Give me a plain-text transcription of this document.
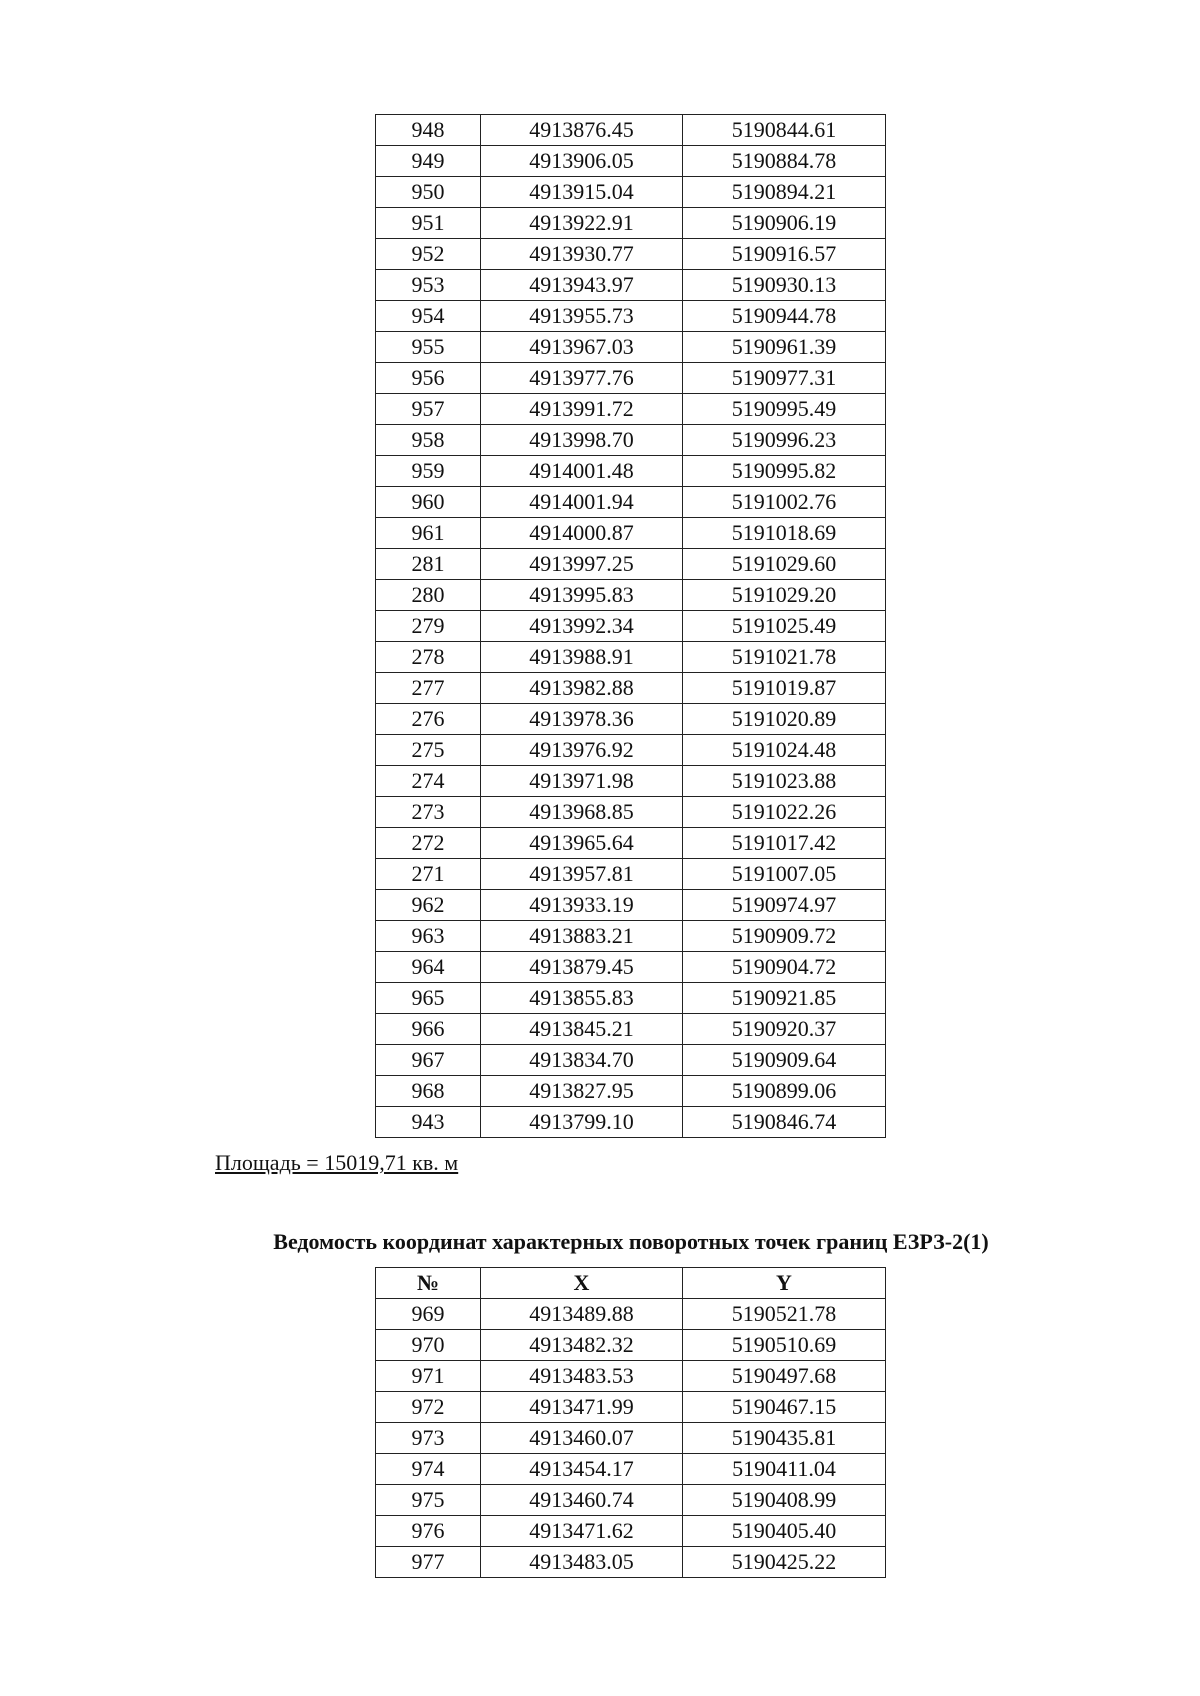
948	4913876.45	5190844.61
949	4913906.05	5190884.78
950	4913915.04	5190894.21
951	4913922.91	5190906.19
952	4913930.77	5190916.57
953	4913943.97	5190930.13
954	4913955.73	5190944.78
955	4913967.03	5190961.39
956	4913977.76	5190977.31
957	4913991.72	5190995.49
958	4913998.70	5190996.23
959	4914001.48	5190995.82
960	4914001.94	5191002.76
961	4914000.87	5191018.69
281	4913997.25	5191029.60
280	4913995.83	5191029.20
279	4913992.34	5191025.49
278	4913988.91	5191021.78
277	4913982.88	5191019.87
276	4913978.36	5191020.89
275	4913976.92	5191024.48
274	4913971.98	5191023.88
273	4913968.85	5191022.26
272	4913965.64	5191017.42
271	4913957.81	5191007.05
962	4913933.19	5190974.97
963	4913883.21	5190909.72
964	4913879.45	5190904.72
965	4913855.83	5190921.85
966	4913845.21	5190920.37
967	4913834.70	5190909.64
968	4913827.95	5190899.06
943	4913799.10	5190846.74
Площадь = 15019,71 кв. м
Ведомость координат характерных поворотных точек границ ЕЗРЗ-2(1)
№	X	Y
969	4913489.88	5190521.78
970	4913482.32	5190510.69
971	4913483.53	5190497.68
972	4913471.99	5190467.15
973	4913460.07	5190435.81
974	4913454.17	5190411.04
975	4913460.74	5190408.99
976	4913471.62	5190405.40
977	4913483.05	5190425.22
